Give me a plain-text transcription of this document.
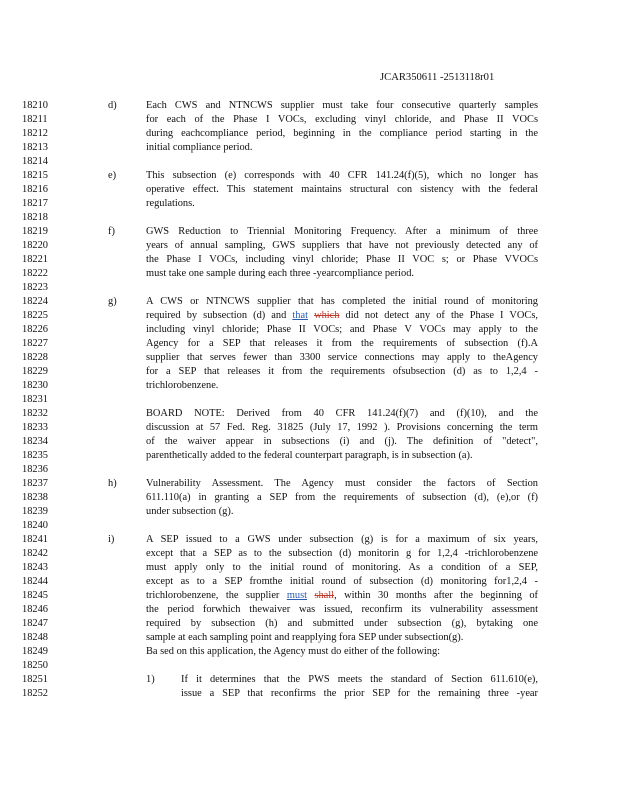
JCAR350611 -2513118r01
18210
18211
18212
18213
18214
18215
18216
18217
18218
18219
18220
18221
18222
18223
18224
18225
18226
18227
18228
18229
18230
18231
18232
18233
18234
18235
18236
18237
18238
18239
18240
18241
18242
18243
18244
18245
18246
18247
18248
18249
18250
18251
18252
d)	Each CWS and NTNCWS supplier must take four consecutive quarterly samples
for each of the Phase I VOCs, excluding vinyl chloride, and Phase II VOCs
during eachcompliance period, beginning in the compliance period starting in the
initial compliance period.
e)	This subsection (e) corresponds with 40 CFR 141.24(f)(5), which no longer has
operative effect. This statement maintains structural con sistency with the federal
regulations.
f)	GWS Reduction to Triennial Monitoring Frequency. After a minimum of three
years of annual sampling, GWS suppliers that have not previously detected any of
the Phase I VOCs, including vinyl chloride; Phase II VOC s; or Phase VVOCs
must take one sample during each three -yearcompliance period.
g)	A CWS or NTNCWS supplier that has completed the initial round of monitoring
required by subsection (d) and that which did not detect any of the Phase I VOCs,
including vinyl chloride; Phase II VOCs; and Phase V VOCs may apply to the
Agency for a SEP that releases it from the requirements of subsection (f).A
supplier that serves fewer than 3300 service connections may apply to theAgency
for a SEP that releases it from the requirements ofsubsection (d) as to 1,2,4 -
trichlorobenzene.
BOARD NOTE: Derived from 40 CFR 141.24(f)(7) and (f)(10), and the
discussion at 57 Fed. Reg. 31825 (July 17, 1992 ). Provisions concerning the term
of the waiver appear in subsections (i) and (j). The definition of "detect",
parenthetically added to the federal counterpart paragraph, is in subsection (a).
h)	Vulnerability Assessment. The Agency must consider the factors of Section
611.110(a) in granting a SEP from the requirements of subsection (d), (e),or (f)
under subsection (g).
i)	A SEP issued to a GWS under subsection (g) is for a maximum of six years,
except that a SEP as to the subsection (d) monitorin g for 1,2,4 -trichlorobenzene
must apply only to the initial round of monitoring. As a condition of a SEP,
except as to a SEP fromthe initial round of subsection (d) monitoring for1,2,4 -
trichlorobenzene, the supplier must shall, within 30 months after the beginning of
the period forwhich thewaiver was issued, reconfirm its vulnerability assessment
required by subsection (h) and submitted under subsection (g), bytaking one
sample at each sampling point and reapplying fora SEP under subsection(g).
Ba sed on this application, the Agency must do either of the following:
1)	If it determines that the PWS meets the standard of Section 611.610(e),
issue a SEP that reconfirms the prior SEP for the remaining three -year
